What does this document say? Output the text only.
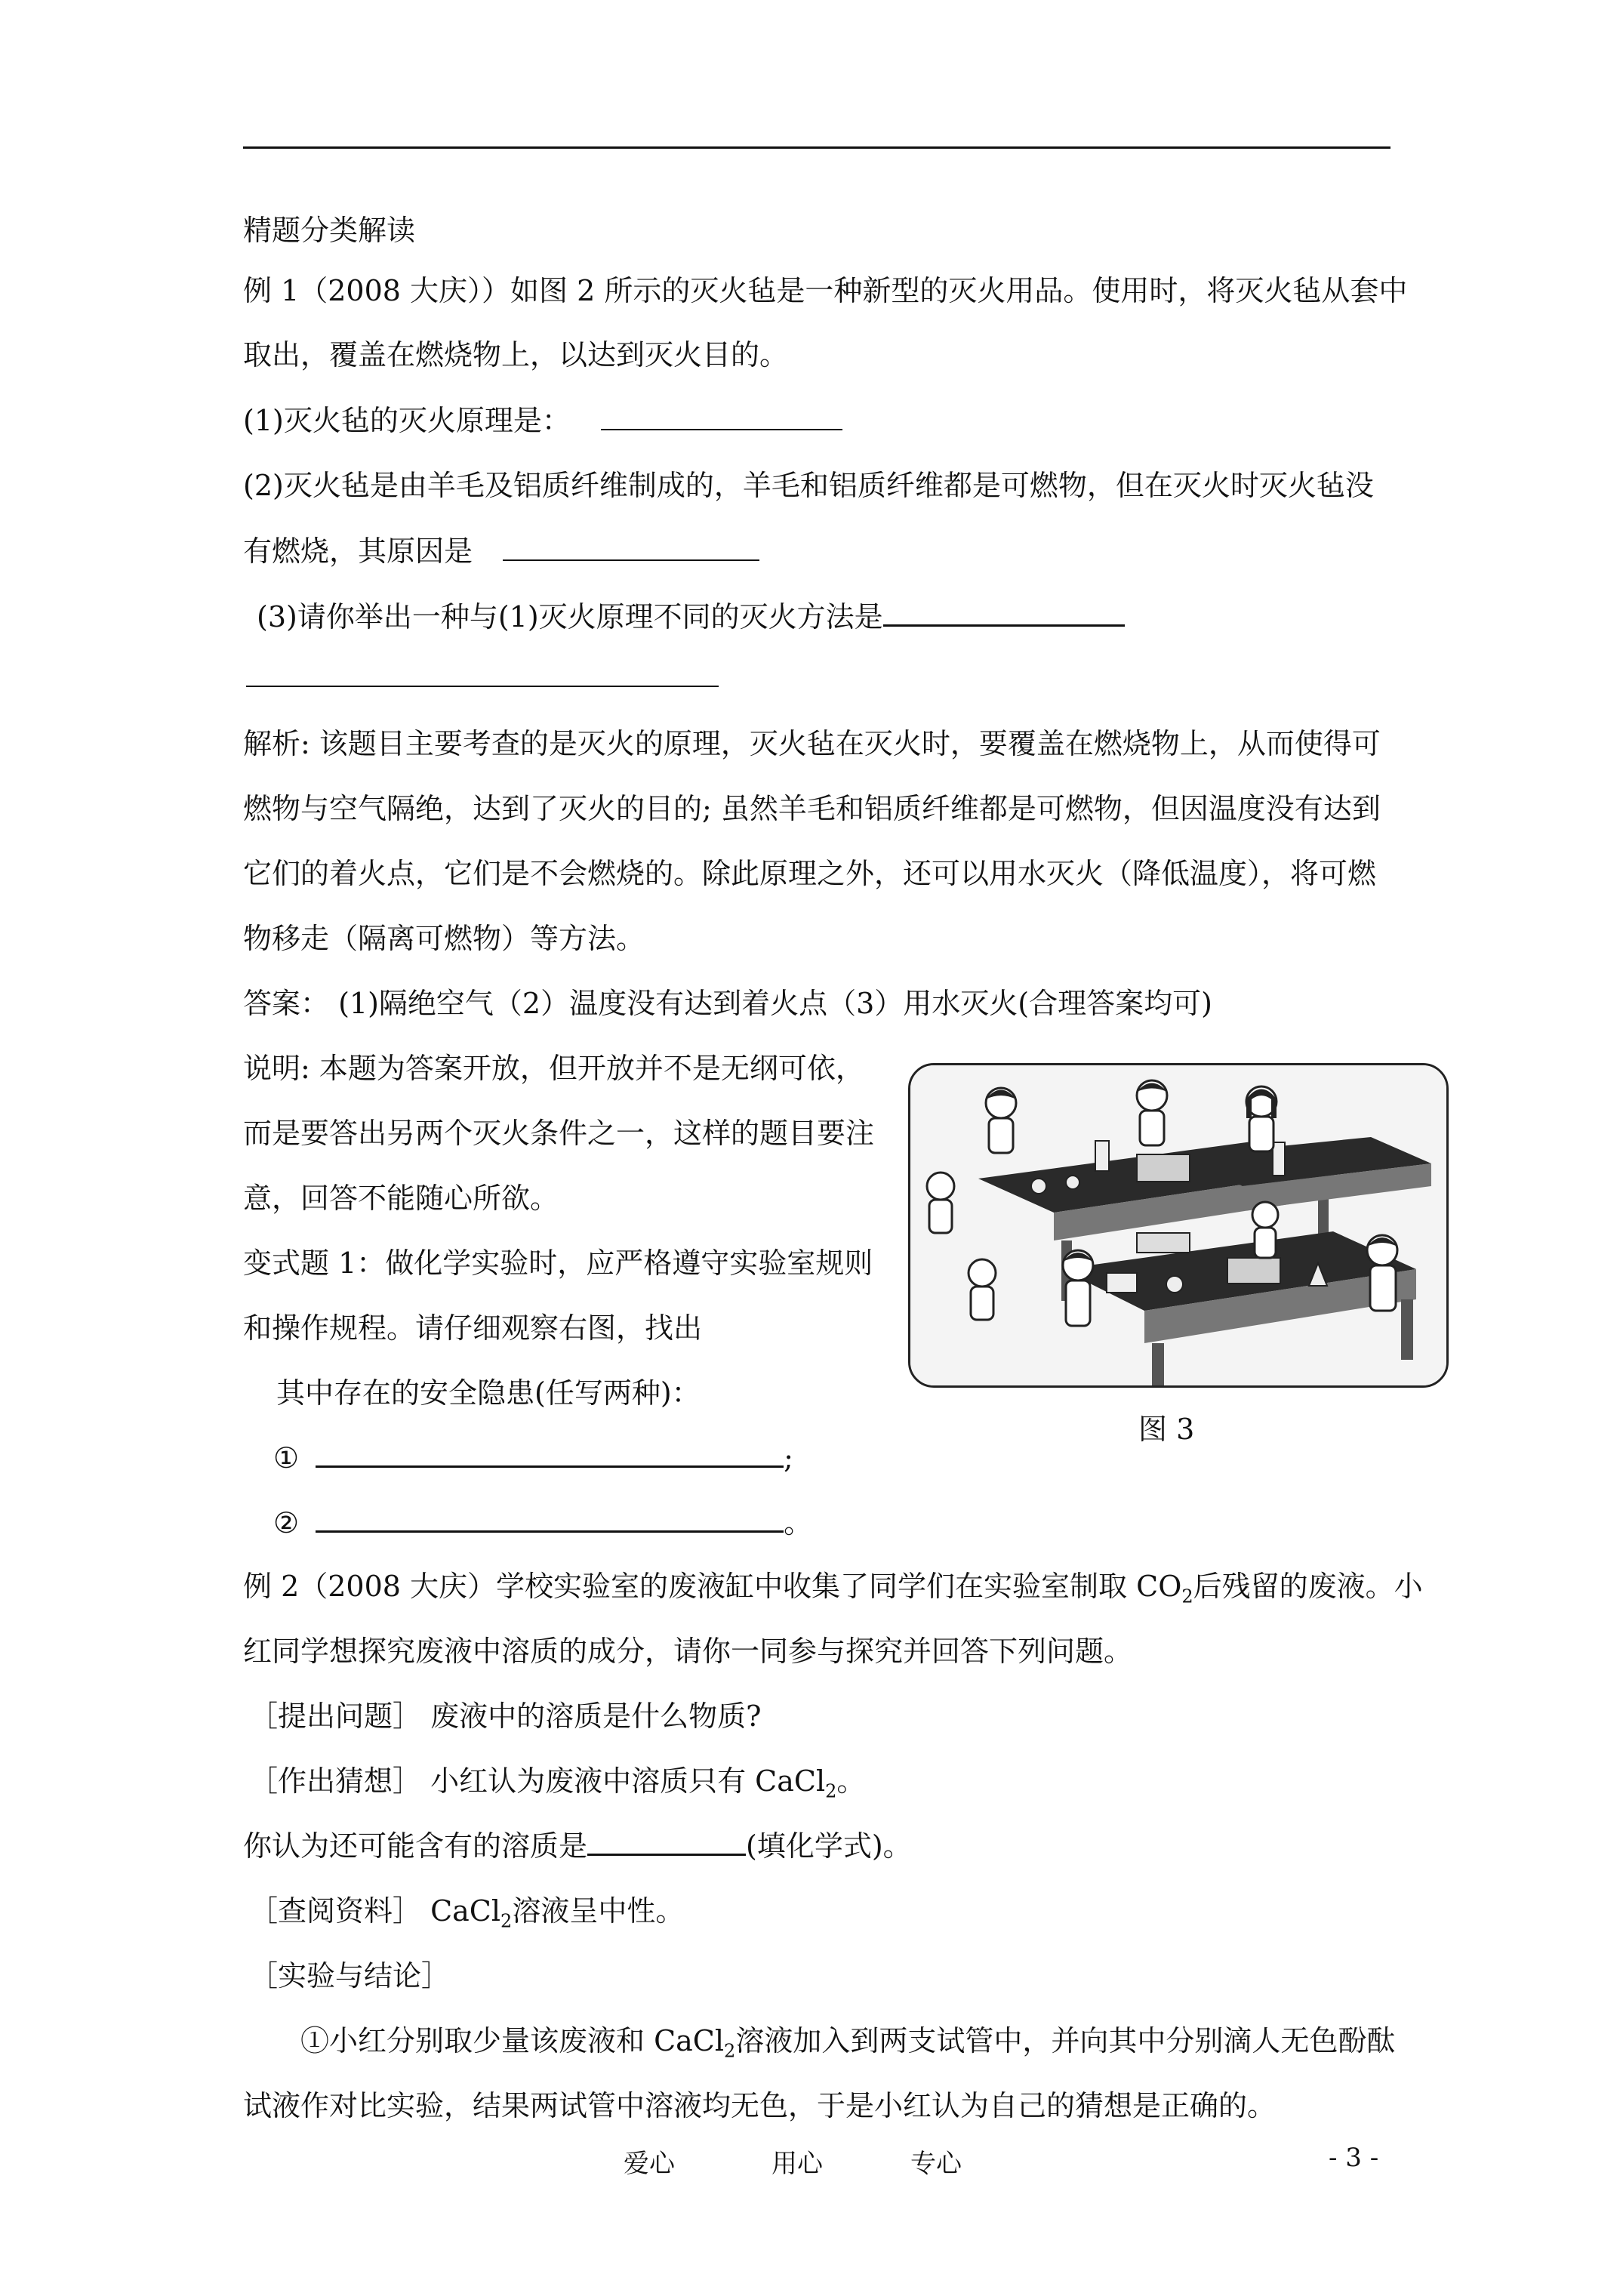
精题分类解读
例 1（2008 大庆））如图 2 所示的灭火毡是一种新型的灭火用品。使用时，将灭火毡从套中
取出，覆盖在燃烧物上，以达到灭火目的。
(1)灭火毡的灭火原理是：
(2)灭火毡是由羊毛及铝质纤维制成的，羊毛和铝质纤维都是可燃物，但在灭火时灭火毡没
有燃烧，其原因是
(3)请你举出一种与(1)灭火原理不同的灭火方法是
解析: 该题目主要考查的是灭火的原理，灭火毡在灭火时，要覆盖在燃烧物上，从而使得可
燃物与空气隔绝，达到了灭火的目的; 虽然羊毛和铝质纤维都是可燃物，但因温度没有达到
它们的着火点，它们是不会燃烧的。除此原理之外，还可以用水灭火（降低温度），将可燃
物移走（隔离可燃物）等方法。
答案： (1)隔绝空气（2）温度没有达到着火点（3）用水灭火(合理答案均可)
说明: 本题为答案开放，但开放并不是无纲可依，
而是要答出另两个灭火条件之一，这样的题目要注
意，回答不能随心所欲。
变式题 1：做化学实验时，应严格遵守实验室规则
和操作规程。请仔细观察右图，找出
其中存在的安全隐患(任写两种)：
①	;
②	。
图 3
例 2（2008 大庆）学校实验室的废液缸中收集了同学们在实验室制取 $CO_2$后残留的废液。小
红同学想探究废液中溶质的成分，请你一同参与探究并回答下列问题。
［提出问题］ 废液中的溶质是什么物质?
［作出猜想］ 小红认为废液中溶质只有 CaCl$_2$。
你认为还可能含有的溶质是	(填化学式)。
［查阅资料］ CaCl$_2$溶液呈中性。
［实验与结论］
①小红分别取少量该废液和 CaCl$_2$溶液加入到两支试管中，并向其中分别滴人无色酚酞
试液作对比实验，结果两试管中溶液均无色，于是小红认为自己的猜想是正确的。
爱心	用心	专心	- 3 -
